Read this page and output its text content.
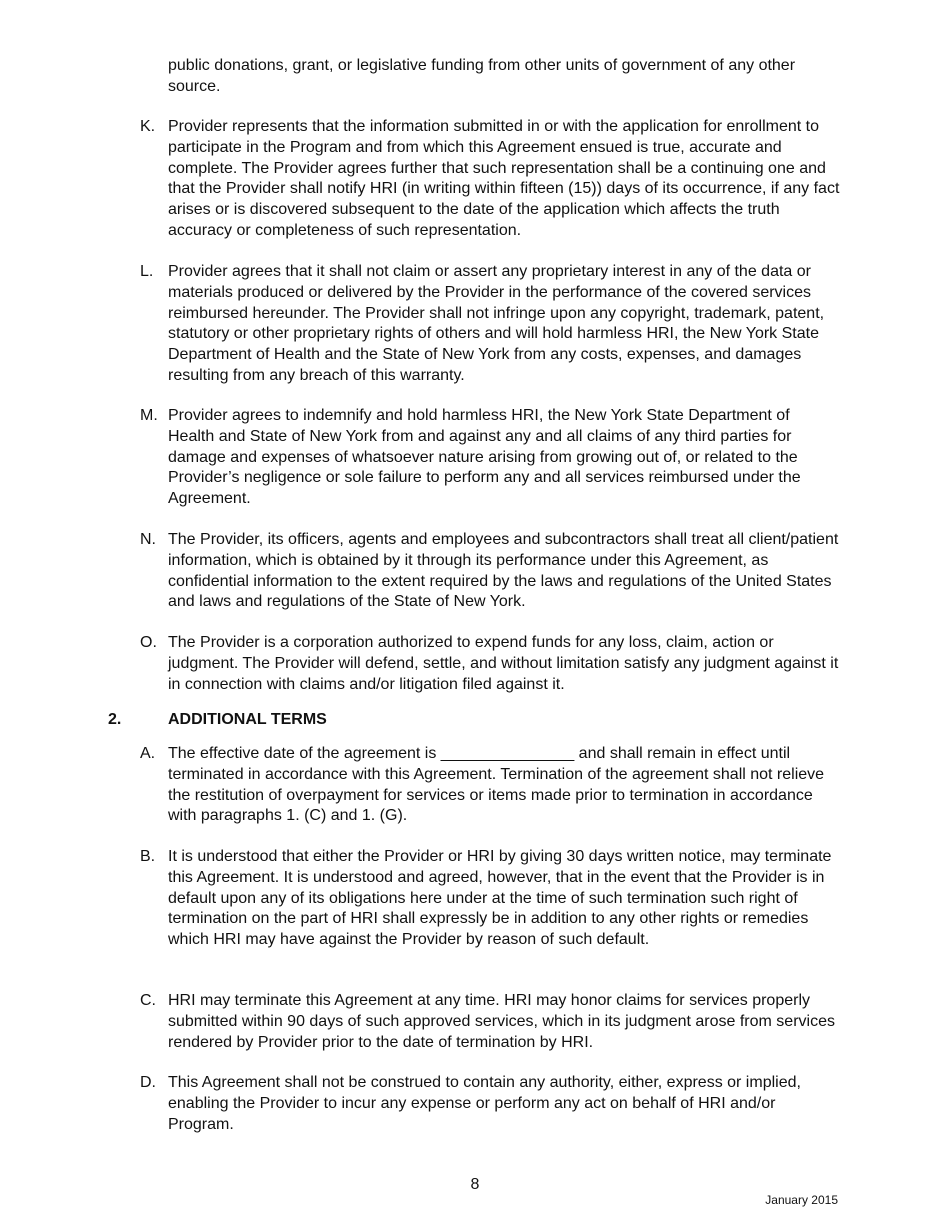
public donations, grant, or legislative funding from other units of government of any other source.

K. Provider represents that the information submitted in or with the application for enrollment to participate in the Program and from which this Agreement ensued is true, accurate and complete. The Provider agrees further that such representation shall be a continuing one and that the Provider shall notify HRI (in writing within fifteen (15)) days of its occurrence, if any fact arises or is discovered subsequent to the date of the application which affects the truth accuracy or completeness of such representation.

L. Provider agrees that it shall not claim or assert any proprietary interest in any of the data or materials produced or delivered by the Provider in the performance of the covered services reimbursed hereunder. The Provider shall not infringe upon any copyright, trademark, patent, statutory or other proprietary rights of others and will hold harmless HRI, the New York State Department of Health and the State of New York from any costs, expenses, and damages resulting from any breach of this warranty.

M. Provider agrees to indemnify and hold harmless HRI, the New York State Department of Health and State of New York from and against any and all claims of any third parties for damage and expenses of whatsoever nature arising from growing out of, or related to the Provider’s negligence or sole failure to perform any and all services reimbursed under the Agreement.

N. The Provider, its officers, agents and employees and subcontractors shall treat all client/patient information, which is obtained by it through its performance under this Agreement, as confidential information to the extent required by the laws and regulations of the United States and laws and regulations of the State of New York.

O. The Provider is a corporation authorized to expend funds for any loss, claim, action or judgment. The Provider will defend, settle, and without limitation satisfy any judgment against it in connection with claims and/or litigation filed against it.

2.	ADDITIONAL TERMS
A. The effective date of the agreement is _______________ and shall remain in effect until terminated in accordance with this Agreement. Termination of the agreement shall not relieve the restitution of overpayment for services or items made prior to termination in accordance with paragraphs 1. (C) and 1. (G).

B. It is understood that either the Provider or HRI by giving 30 days written notice, may terminate this Agreement. It is understood and agreed, however, that in the event that the Provider is in default upon any of its obligations here under at the time of such termination such right of termination on the part of HRI shall expressly be in addition to any other rights or remedies which HRI may have against the Provider by reason of such default.

C. HRI may terminate this Agreement at any time. HRI may honor claims for services properly submitted within 90 days of such approved services, which in its judgment arose from services rendered by Provider prior to the date of termination by HRI.

D. This Agreement shall not be construed to contain any authority, either, express or implied, enabling the Provider to incur any expense or perform any act on behalf of HRI and/or Program.

8
January 2015
